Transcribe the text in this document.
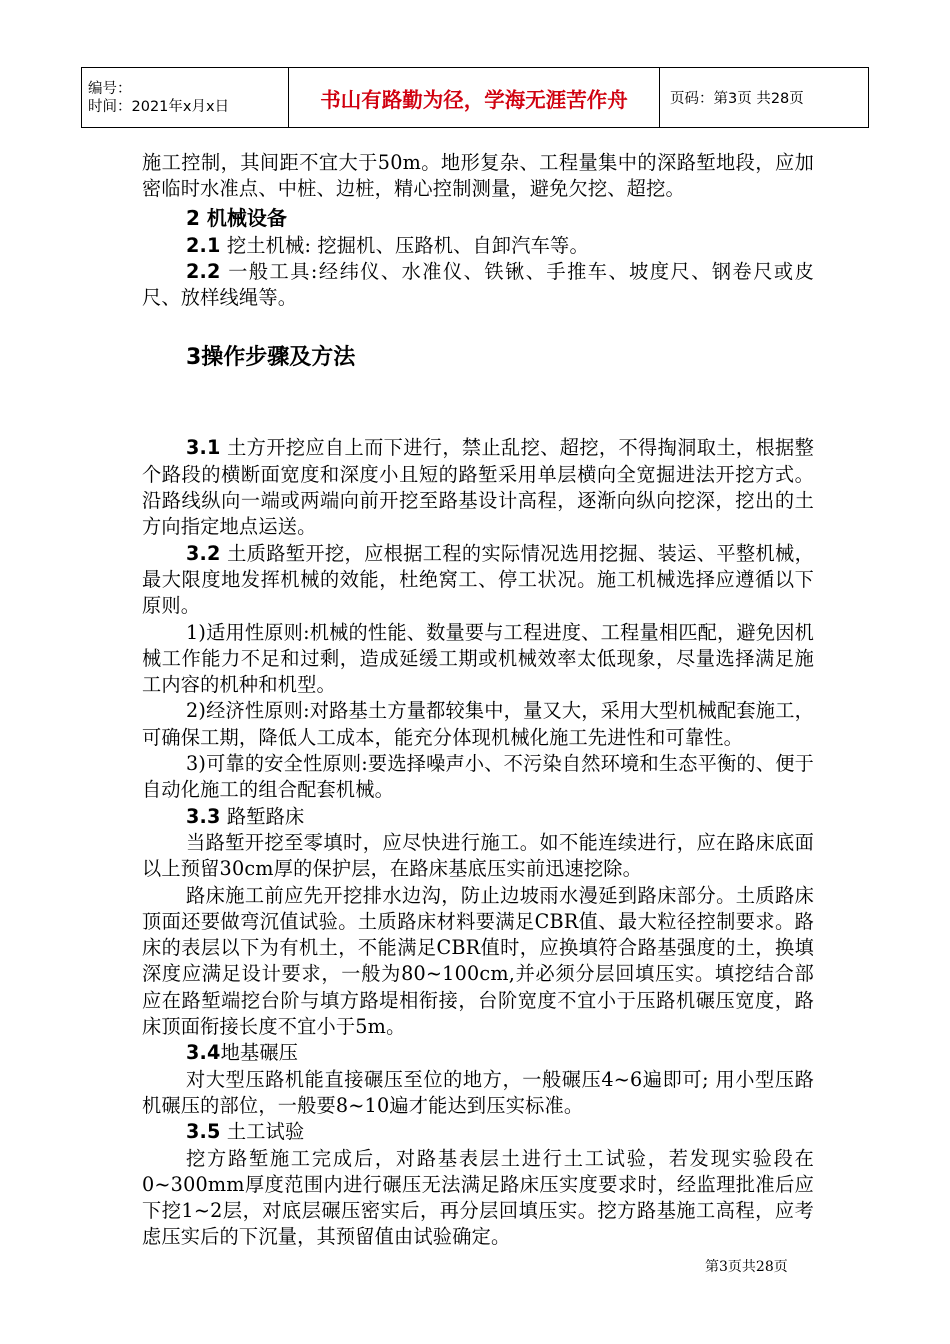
编号：
时间：2021年x月x日	书山有路勤为径，学海无涯苦作舟	页码：第3页 共28页

施工控制，其间距不宜大于50m。地形复杂、工程量集中的深路堑地段，应加密临时水准点、中桩、边桩，精心控制测量，避免欠挖、超挖。

2 机械设备

2.1 挖土机械: 挖掘机、压路机、自卸汽车等。

2.2 一般工具:经纬仪、水准仪、铁锹、手推车、坡度尺、钢卷尺或皮尺、放样线绳等。

3操作步骤及方法

3.1 土方开挖应自上而下进行，禁止乱挖、超挖，不得掏洞取土，根据整个路段的横断面宽度和深度小且短的路堑采用单层横向全宽掘进法开挖方式。沿路线纵向一端或两端向前开挖至路基设计高程，逐渐向纵向挖深，挖出的土方向指定地点运送。

3.2 土质路堑开挖，应根据工程的实际情况选用挖掘、装运、平整机械，最大限度地发挥机械的效能，杜绝窝工、停工状况。施工机械选择应遵循以下原则。

1)适用性原则:机械的性能、数量要与工程进度、工程量相匹配，避免因机械工作能力不足和过剩，造成延缓工期或机械效率太低现象，尽量选择满足施工内容的机种和机型。

2)经济性原则:对路基土方量都较集中，量又大，采用大型机械配套施工，可确保工期，降低人工成本，能充分体现机械化施工先进性和可靠性。

3)可靠的安全性原则:要选择噪声小、不污染自然环境和生态平衡的、便于自动化施工的组合配套机械。

3.3 路堑路床

当路堑开挖至零填时，应尽快进行施工。如不能连续进行，应在路床底面以上预留30cm厚的保护层，在路床基底压实前迅速挖除。

路床施工前应先开挖排水边沟，防止边坡雨水漫延到路床部分。土质路床顶面还要做弯沉值试验。土质路床材料要满足CBR值、最大粒径控制要求。路床的表层以下为有机土，不能满足CBR值时，应换填符合路基强度的土，换填深度应满足设计要求，一般为80~100cm,并必须分层回填压实。填挖结合部应在路堑端挖台阶与填方路堤相衔接，台阶宽度不宜小于压路机碾压宽度，路床顶面衔接长度不宜小于5m。

3.4地基碾压

对大型压路机能直接碾压至位的地方，一般碾压4~6遍即可; 用小型压路机碾压的部位，一般要8~10遍才能达到压实标准。

3.5 土工试验

挖方路堑施工完成后，对路基表层土进行土工试验，若发现实验段在0~300mm厚度范围内进行碾压无法满足路床压实度要求时，经监理批准后应下挖1~2层，对底层碾压密实后，再分层回填压实。挖方路基施工高程，应考虑压实后的下沉量，其预留值由试验确定。

第3页共28页
